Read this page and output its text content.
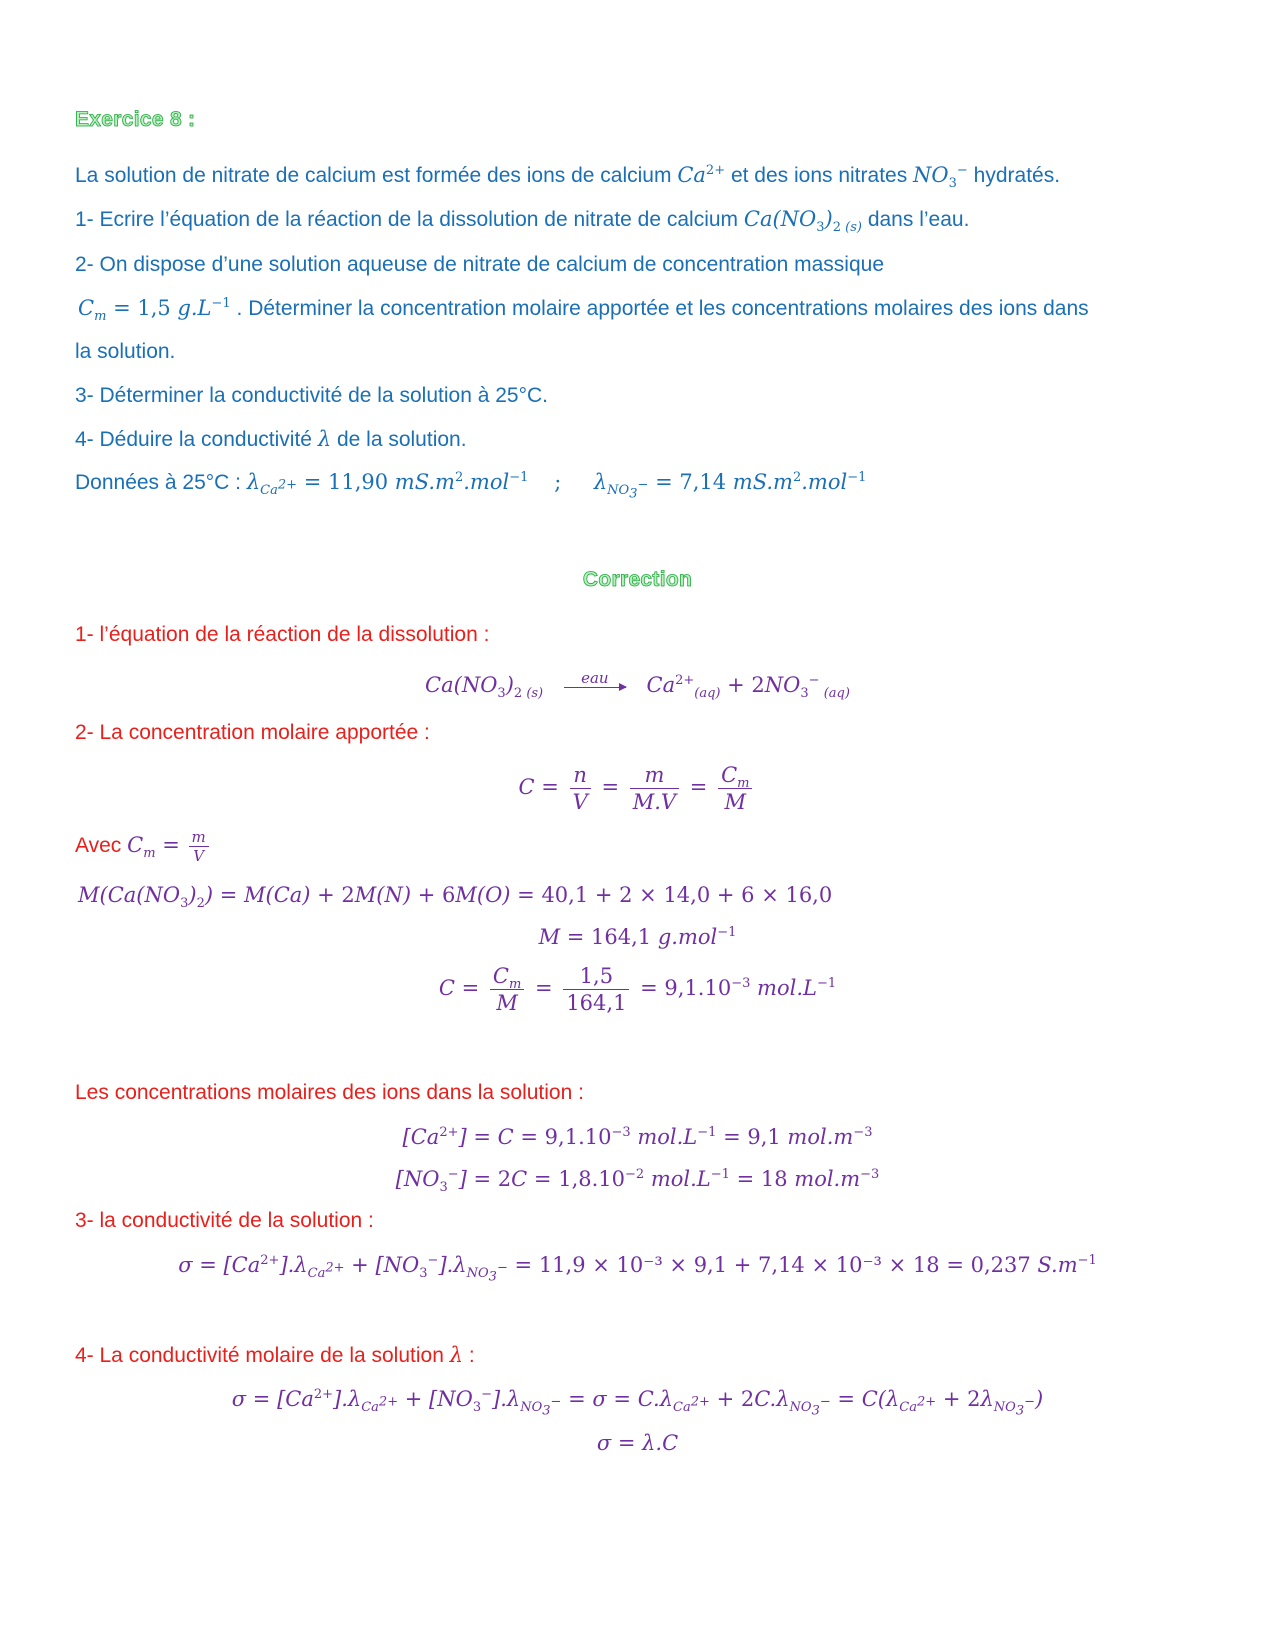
Exercice 8 :
La solution de nitrate de calcium est formée des ions de calcium $Ca^{2+}$ et des ions nitrates $NO_3^-$ hydratés.
1- Ecrire l’équation de la réaction de la dissolution de nitrate de calcium $Ca(NO_3)_2$ $_{(s)}$ dans l’eau.
2- On dispose d’une solution aqueuse de nitrate de calcium de concentration massique
$C_m = 1,5$ $g.L^{-1}$ . Déterminer la concentration molaire apportée et les concentrations molaires des ions dans
la solution.
3- Déterminer la conductivité de la solution à 25°C.
4- Déduire la conductivité λ de la solution.
Données à 25°C : $\lambda_{Ca^{2+}} = 11,90$ $mS.m^2.mol^{-1}$    ;     $\lambda_{NO_3^-} = 7,14$ $mS.m^2.mol^{-1}$
Correction
1- l’équation de la réaction de la dissolution :
$Ca(NO_3)_2$ $_{(s)}$
eau	$Ca^{2+}_{(aq)} + 2NO_3^-$ $_{(aq)}$
2- La concentration molaire apportée :
$C = \frac{n}{V} = \frac{m}{M.V} = \frac{C_m}{M}$
Avec $C_m = \frac{m}{V}$
$M(Ca(NO_3)_2) = M(Ca) + 2M(N) + 6M(O) = 40,1 + 2 \times 14,0 + 6 \times 16,0$
M = 164,1 g.mol$^{-1}$
$C = \frac{C_m}{M} = \frac{1,5}{164,1} = 9,1.10^{-3}$ $mol.L^{-1}$
Les concentrations molaires des ions dans la solution :
$[Ca^{2+}] = C = 9,1.10^{-3}$ $mol.L^{-1} = 9,1$ $mol.m^{-3}$
$[NO_3^-] = 2C = 1,8.10^{-2}$ $mol.L^{-1} = 18$ $mol.m^{-3}$
3- la conductivité de la solution :
$\sigma = [Ca^{2+}].\lambda_{Ca^{2+}} + [NO_3^-].\lambda_{NO_3^-} = 11,9 \times 10^{-3} \times 9,1 + 7,14 \times 10^{-3} \times 18 = 0,237$ $S.m^{-1}$
4- La conductivité molaire de la solution λ :
$\sigma = [Ca^{2+}].\lambda_{Ca^{2+}} + [NO_3^-].\lambda_{NO_3^-} = \sigma = C.\lambda_{Ca^{2+}} + 2C.\lambda_{NO_3^-} = C(\lambda_{Ca^{2+}} + 2\lambda_{NO_3^-})$
σ = λ.C
